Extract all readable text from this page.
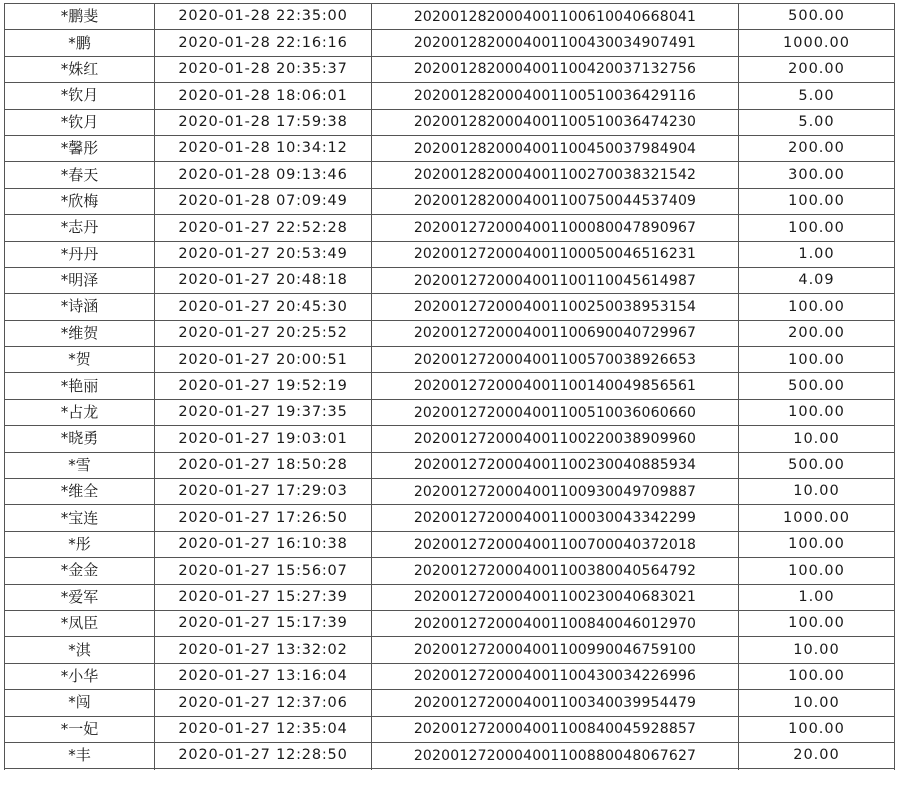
*鹏斐	2020-01-28 22:35:00	2020012820004001100610040668041	500.00
*鹏	2020-01-28 22:16:16	2020012820004001100430034907491	1000.00
*姝红	2020-01-28 20:35:37	2020012820004001100420037132756	200.00
*钦月	2020-01-28 18:06:01	2020012820004001100510036429116	5.00
*钦月	2020-01-28 17:59:38	2020012820004001100510036474230	5.00
*馨彤	2020-01-28 10:34:12	2020012820004001100450037984904	200.00
*春天	2020-01-28 09:13:46	2020012820004001100270038321542	300.00
*欣梅	2020-01-28 07:09:49	2020012820004001100750044537409	100.00
*志丹	2020-01-27 22:52:28	2020012720004001100080047890967	100.00
*丹丹	2020-01-27 20:53:49	2020012720004001100050046516231	1.00
*明泽	2020-01-27 20:48:18	2020012720004001100110045614987	4.09
*诗涵	2020-01-27 20:45:30	2020012720004001100250038953154	100.00
*维贺	2020-01-27 20:25:52	2020012720004001100690040729967	200.00
*贺	2020-01-27 20:00:51	2020012720004001100570038926653	100.00
*艳丽	2020-01-27 19:52:19	2020012720004001100140049856561	500.00
*占龙	2020-01-27 19:37:35	2020012720004001100510036060660	100.00
*晓勇	2020-01-27 19:03:01	2020012720004001100220038909960	10.00
*雪	2020-01-27 18:50:28	2020012720004001100230040885934	500.00
*维全	2020-01-27 17:29:03	2020012720004001100930049709887	10.00
*宝连	2020-01-27 17:26:50	2020012720004001100030043342299	1000.00
*彤	2020-01-27 16:10:38	2020012720004001100700040372018	100.00
*金金	2020-01-27 15:56:07	2020012720004001100380040564792	100.00
*爱军	2020-01-27 15:27:39	2020012720004001100230040683021	1.00
*凤臣	2020-01-27 15:17:39	2020012720004001100840046012970	100.00
*淇	2020-01-27 13:32:02	2020012720004001100990046759100	10.00
*小华	2020-01-27 13:16:04	2020012720004001100430034226996	100.00
*闯	2020-01-27 12:37:06	2020012720004001100340039954479	10.00
*一妃	2020-01-27 12:35:04	2020012720004001100840045928857	100.00
*丰	2020-01-27 12:28:50	2020012720004001100880048067627	20.00
